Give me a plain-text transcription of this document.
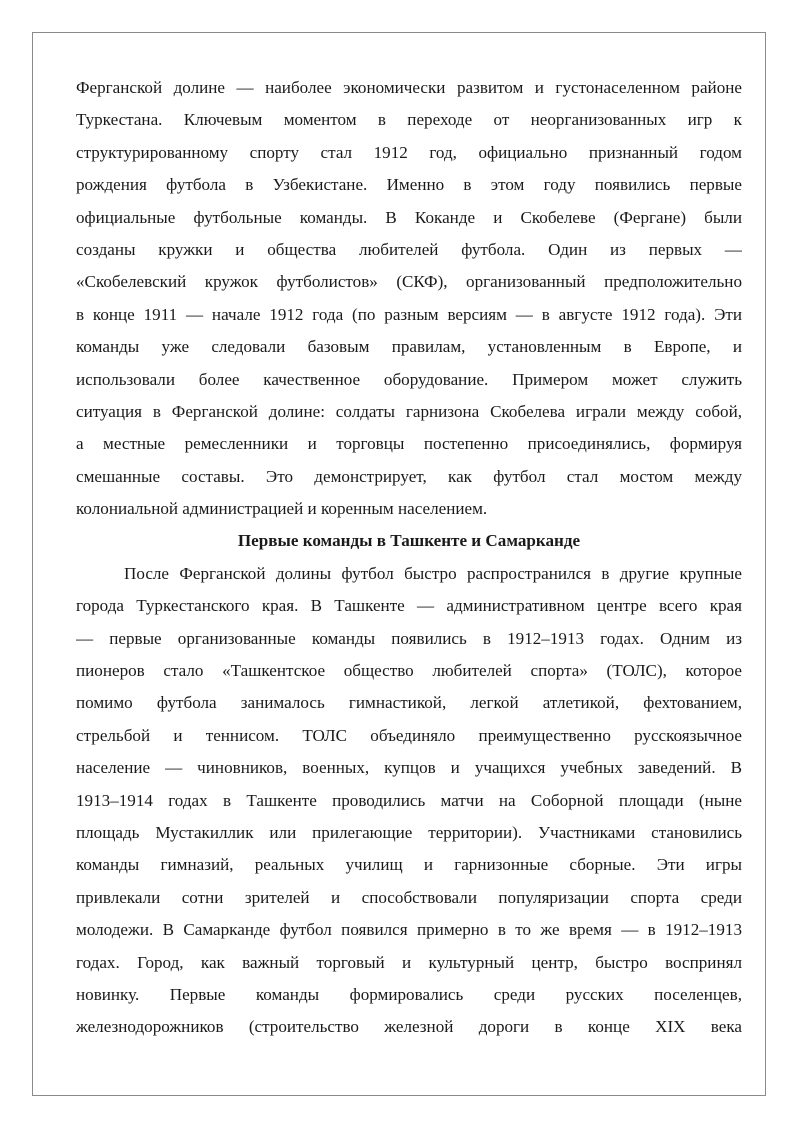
Ферганской долине — наиболее экономически развитом и густонаселенном районе
Туркестана. Ключевым моментом в переходе от неорганизованных игр к
структурированному спорту стал 1912 год, официально признанный годом
рождения футбола в Узбекистане. Именно в этом году появились первые
официальные футбольные команды. В Коканде и Скобелеве (Фергане) были
созданы кружки и общества любителей футбола. Один из первых —
«Скобелевский кружок футболистов» (СКФ), организованный предположительно
в конце 1911 — начале 1912 года (по разным версиям — в августе 1912 года). Эти
команды уже следовали базовым правилам, установленным в Европе, и
использовали более качественное оборудование. Примером может служить
ситуация в Ферганской долине: солдаты гарнизона Скобелева играли между собой,
а местные ремесленники и торговцы постепенно присоединялись, формируя
смешанные составы. Это демонстрирует, как футбол стал мостом между
колониальной администрацией и коренным населением.
Первые команды в Ташкенте и Самарканде
После Ферганской долины футбол быстро распространился в другие крупные
города Туркестанского края. В Ташкенте — административном центре всего края
— первые организованные команды появились в 1912–1913 годах. Одним из
пионеров стало «Ташкентское общество любителей спорта» (ТОЛС), которое
помимо футбола занималось гимнастикой, легкой атлетикой, фехтованием,
стрельбой и теннисом. ТОЛС объединяло преимущественно русскоязычное
население — чиновников, военных, купцов и учащихся учебных заведений. В
1913–1914 годах в Ташкенте проводились матчи на Соборной площади (ныне
площадь Мустакиллик или прилегающие территории). Участниками становились
команды гимназий, реальных училищ и гарнизонные сборные. Эти игры
привлекали сотни зрителей и способствовали популяризации спорта среди
молодежи. В Самарканде футбол появился примерно в то же время — в 1912–1913
годах. Город, как важный торговый и культурный центр, быстро воспринял
новинку. Первые команды формировались среди русских поселенцев,
железнодорожников (строительство железной дороги в конце XIX века
